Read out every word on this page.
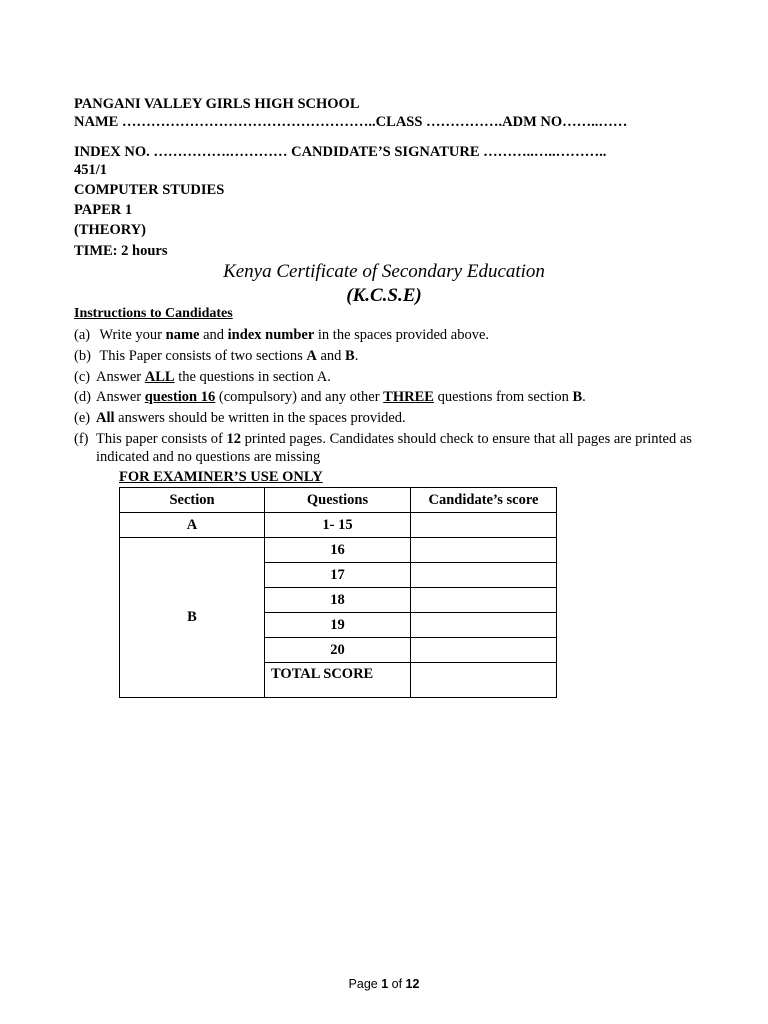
PANGANI VALLEY GIRLS HIGH SCHOOL
NAME ……………………………………………..CLASS …………….ADM NO……..……
INDEX NO. …………….………… CANDIDATE’S SIGNATURE ………..…..………..
451/1
COMPUTER STUDIES
PAPER 1
(THEORY)
TIME: 2 hours
Kenya Certificate of Secondary Education
(K.C.S.E)
Instructions to Candidates
(a) Write your name and index number in the spaces provided above.
(b) This Paper consists of two sections A and B.
(c) Answer ALL the questions in section A.
(d) Answer question 16 (compulsory) and any other THREE questions from section B.
(e) All answers should be written in the spaces provided.
(f) This paper consists of 12 printed pages. Candidates should check to ensure that all pages are printed as
indicated and no questions are missing
FOR EXAMINER’S USE ONLY
Section	Questions	Candidate’s score
A	1- 15	
B	16	
	17	
	18	
	19	
	20	
	TOTAL SCORE	
Page 1 of 12
